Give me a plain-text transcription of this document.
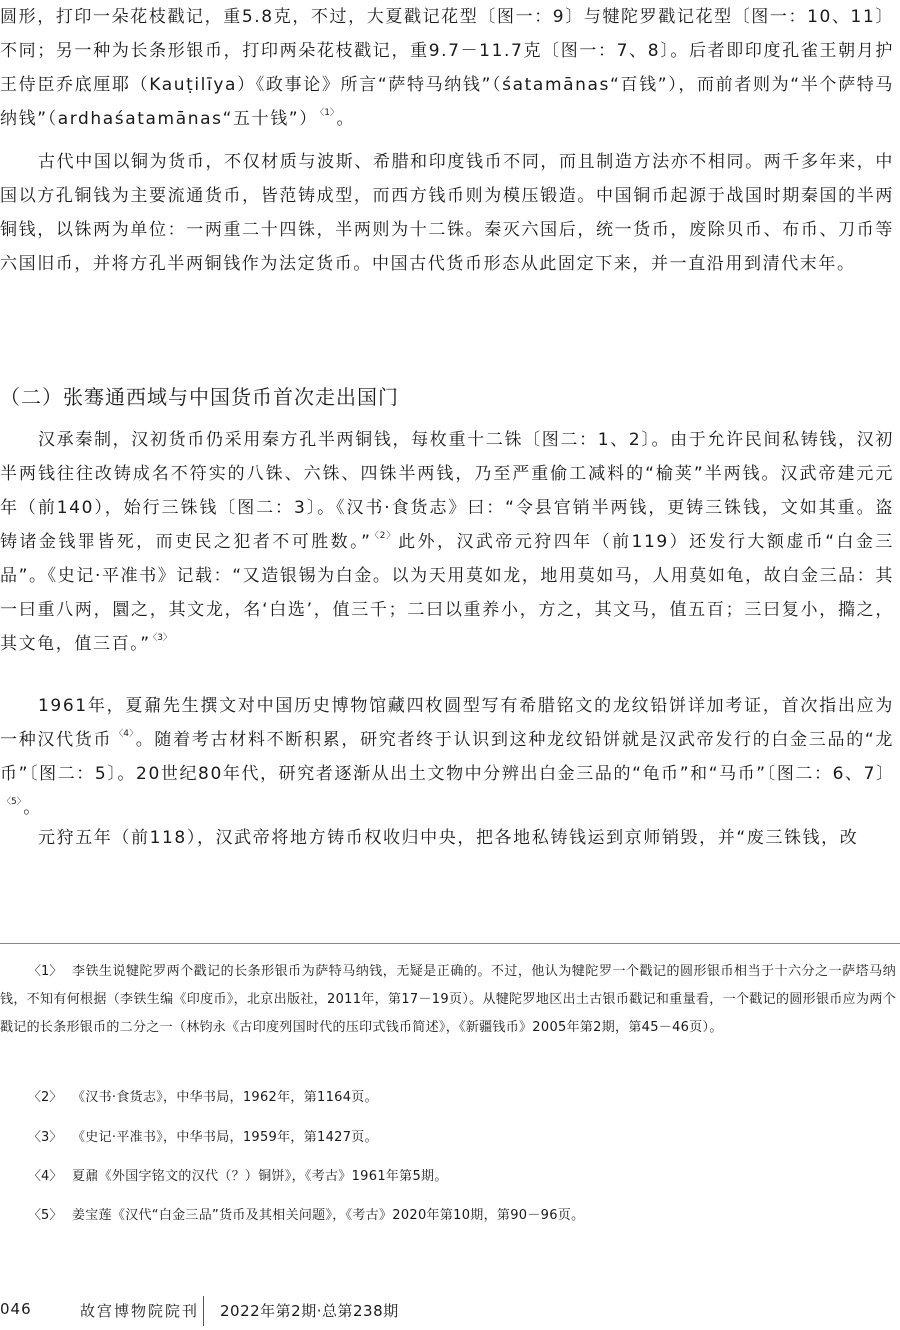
圆形，打印一朵花枝戳记，重5.8克，不过，大夏戳记花型〔图一：9〕与犍陀罗戳记花型〔图一：10、11〕不同；另一种为长条形银币，打印两朵花枝戳记，重9.7－11.7克〔图一：7、8〕。后者即印度孔雀王朝月护王侍臣乔底厘耶（Kauṭilīya）《政事论》所言“萨特马纳钱”（śatamānas“百钱”），而前者则为“半个萨特马纳钱”（ardhaśatamānas“五十钱”） $^{〈1〉}$ 。

古代中国以铜为货币，不仅材质与波斯、希腊和印度钱币不同，而且制造方法亦不相同。两千多年来，中国以方孔铜钱为主要流通货币，皆范铸成型，而西方钱币则为模压锻造。中国铜币起源于战国时期秦国的半两铜钱，以铢两为单位：一两重二十四铢，半两则为十二铢。秦灭六国后，统一货币，废除贝币、布币、刀币等六国旧币，并将方孔半两铜钱作为法定货币。中国古代货币形态从此固定下来，并一直沿用到清代末年。

（二）张骞通西域与中国货币首次走出国门

汉承秦制，汉初货币仍采用秦方孔半两铜钱，每枚重十二铢〔图二：1、2〕。由于允许民间私铸钱，汉初半两钱往往改铸成名不符实的八铢、六铢、四铢半两钱，乃至严重偷工减料的“榆荚”半两钱。汉武帝建元元年（前140），始行三铢钱〔图二：3〕。《汉书·食货志》曰：“令县官销半两钱，更铸三铢钱，文如其重。盗铸诸金钱罪皆死，而吏民之犯者不可胜数。” $^{〈2〉}$ 此外，汉武帝元狩四年（前119）还发行大额虚币“白金三品”。《史记·平准书》记载：“又造银锡为白金。以为天用莫如龙，地用莫如马，人用莫如龟，故白金三品：其一曰重八两，圜之，其文龙，名‘白选’，值三千；二曰以重养小，方之，其文马，值五百；三曰复小，撱之，其文龟，值三百。” $^{〈3〉}$

1961年，夏鼐先生撰文对中国历史博物馆藏四枚圆型写有希腊铭文的龙纹铅饼详加考证，首次指出应为一种汉代货币 $^{〈4〉}$ 。随着考古材料不断积累，研究者终于认识到这种龙纹铅饼就是汉武帝发行的白金三品的“龙币”〔图二：5〕。20世纪80年代，研究者逐渐从出土文物中分辨出白金三品的“龟币”和“马币”〔图二：6、7〕$^{〈5〉}$ 。

元狩五年（前118），汉武帝将地方铸币权收归中央，把各地私铸钱运到京师销毁，并“废三铢钱，改

〈1〉 李铁生说犍陀罗两个戳记的长条形银币为萨特马纳钱，无疑是正确的。不过，他认为犍陀罗一个戳记的圆形银币相当于十六分之一萨塔马纳钱，不知有何根据（李铁生编《印度币》，北京出版社，2011年，第17－19页）。从犍陀罗地区出土古银币戳记和重量看，一个戳记的圆形银币应为两个戳记的长条形银币的二分之一（林钧永《古印度列国时代的压印式钱币简述》，《新疆钱币》2005年第2期，第45－46页）。
〈2〉 《汉书·食货志》，中华书局，1962年，第1164页。
〈3〉 《史记·平准书》，中华书局，1959年，第1427页。
〈4〉 夏鼐《外国字铭文的汉代（？）铜饼》，《考古》1961年第5期。
〈5〉 姜宝莲《汉代“白金三品”货币及其相关问题》，《考古》2020年第10期，第90－96页。
046	故宫博物院院刊 2022年第2期·总第238期
